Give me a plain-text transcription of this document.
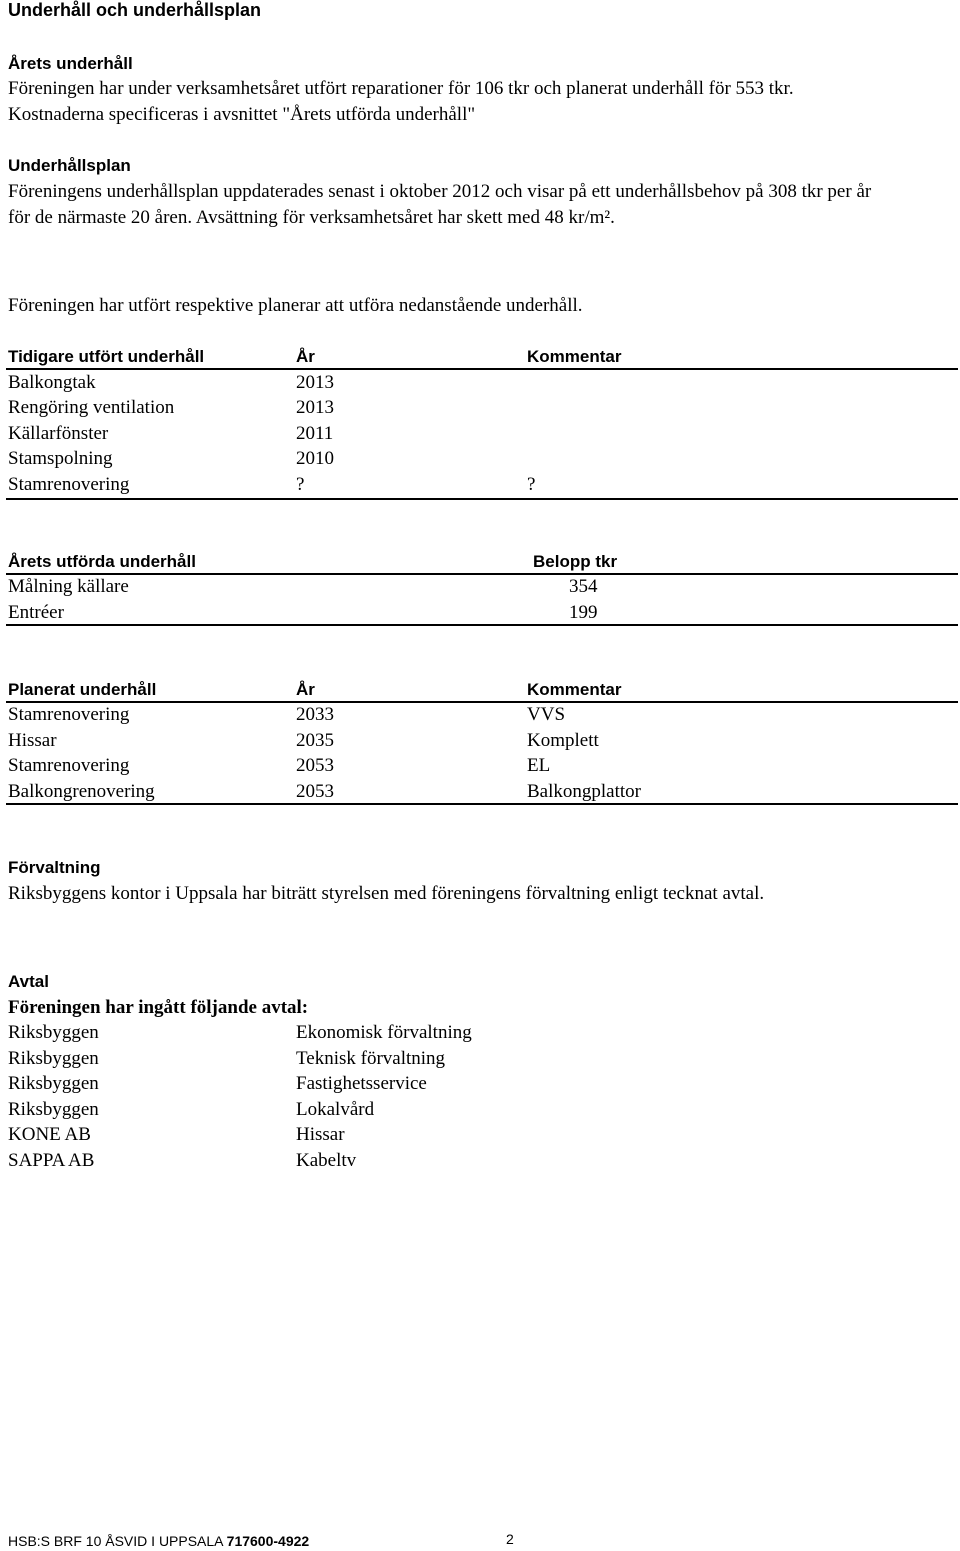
Underhåll och underhållsplan
Årets underhåll
Föreningen har under verksamhetsåret utfört reparationer för 106 tkr och planerat underhåll för 553 tkr.
Kostnaderna specificeras i avsnittet "Årets utförda underhåll"
Underhållsplan
Föreningens underhållsplan uppdaterades senast i oktober 2012 och visar på ett underhållsbehov på 308 tkr per år
för de närmaste 20 åren. Avsättning för verksamhetsåret har skett med 48 kr/m².
Föreningen har utfört respektive planerar att utföra nedanstående underhåll.
Tidigare utfört underhåll	År	Kommentar
Balkongtak	2013
Rengöring ventilation	2013
Källarfönster	2011
Stamspolning	2010
Stamrenovering	?	?
Årets utförda underhåll	Belopp tkr
Målning källare	354
Entréer	199
Planerat underhåll	År	Kommentar
Stamrenovering	2033	VVS
Hissar	2035	Komplett
Stamrenovering	2053	EL
Balkongrenovering	2053	Balkongplattor
Förvaltning
Riksbyggens kontor i Uppsala har biträtt styrelsen med föreningens förvaltning enligt tecknat avtal.
Avtal
Föreningen har ingått följande avtal:
Riksbyggen	Ekonomisk förvaltning
Riksbyggen	Teknisk förvaltning
Riksbyggen	Fastighetsservice
Riksbyggen	Lokalvård
KONE AB	Hissar
SAPPA AB	Kabeltv
HSB:S BRF 10 ÅSVID I UPPSALA 717600-4922	2
